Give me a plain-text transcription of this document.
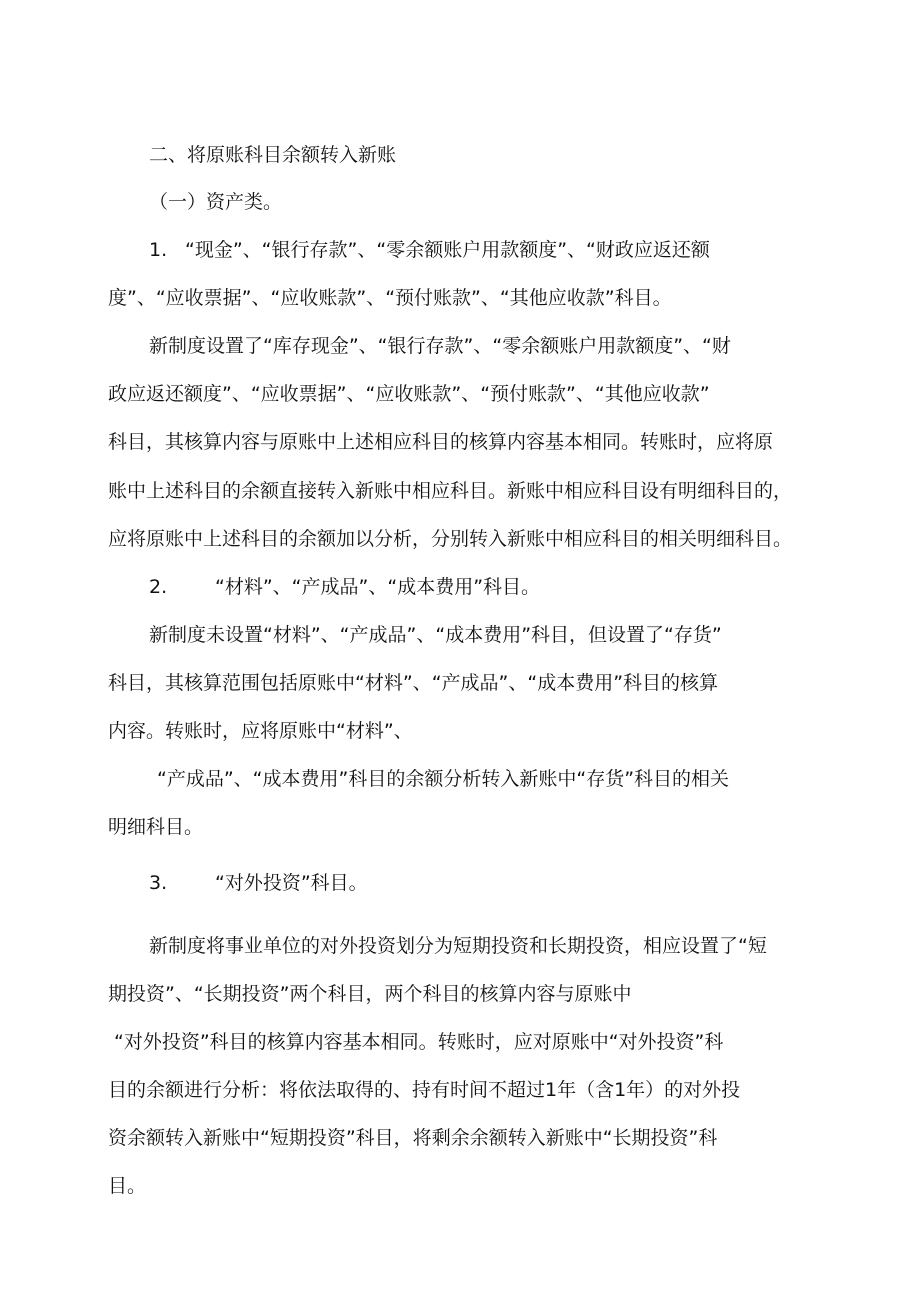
二、将原账科目余额转入新账

（一）资产类。

1. “现金”、“银行存款”、“零余额账户用款额度”、“财政应返还额

度”、“应收票据”、“应收账款”、“预付账款”、“其他应收款”科目。

新制度设置了“库存现金”、“银行存款”、“零余额账户用款额度”、“财

政应返还额度”、“应收票据”、“应收账款”、“预付账款”、“其他应收款”

科目，其核算内容与原账中上述相应科目的核算内容基本相同。转账时，应将原

账中上述科目的余额直接转入新账中相应科目。新账中相应科目设有明细科目的，

应将原账中上述科目的余额加以分析，分别转入新账中相应科目的相关明细科目。

2.	“材料”、“产成品”、“成本费用”科目。

新制度未设置“材料”、“产成品”、“成本费用”科目，但设置了“存货”

科目，其核算范围包括原账中“材料”、“产成品”、“成本费用”科目的核算

内容。转账时，应将原账中“材料”、

“产成品”、“成本费用”科目的余额分析转入新账中“存货”科目的相关

明细科目。

3.	“对外投资”科目。

新制度将事业单位的对外投资划分为短期投资和长期投资，相应设置了“短

期投资”、“长期投资”两个科目，两个科目的核算内容与原账中

“对外投资”科目的核算内容基本相同。转账时，应对原账中“对外投资”科

目的余额进行分析：将依法取得的、持有时间不超过1年（含1年）的对外投

资余额转入新账中“短期投资”科目，将剩余余额转入新账中“长期投资”科

目。
